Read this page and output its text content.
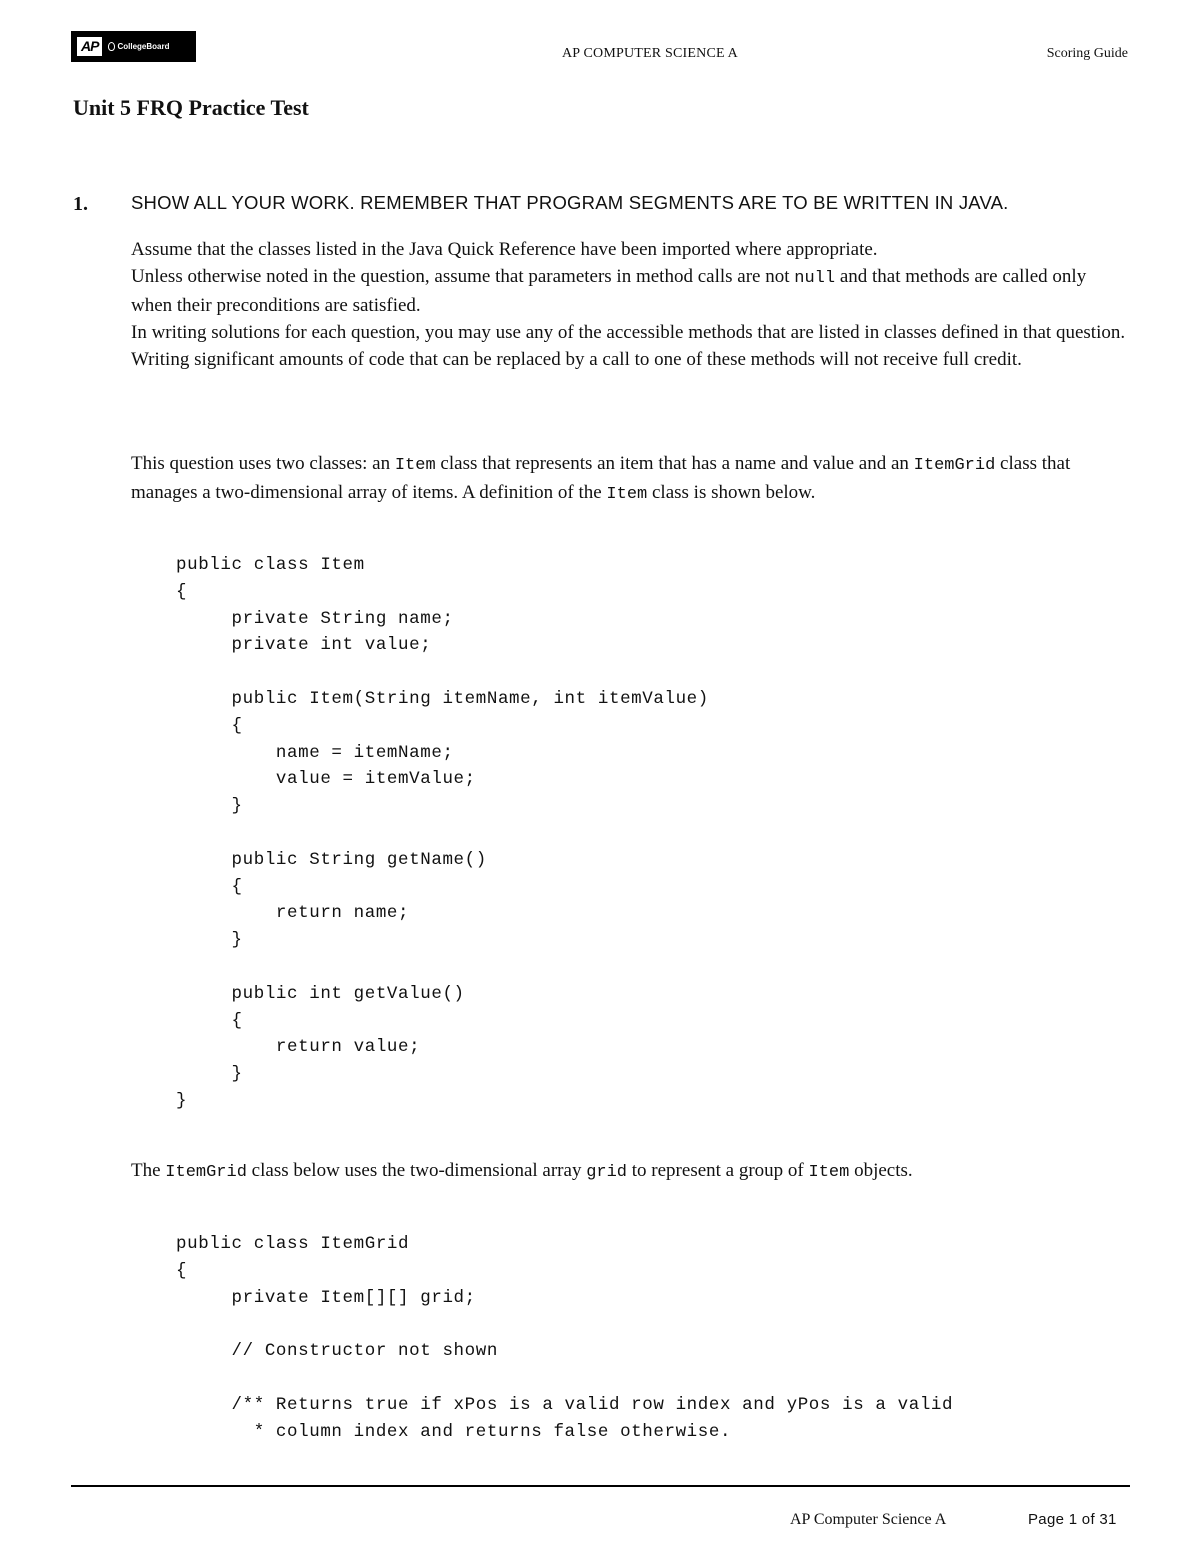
AP	CollegeBoard	AP COMPUTER SCIENCE A	Scoring Guide
Unit 5 FRQ Practice Test
1. SHOW ALL YOUR WORK. REMEMBER THAT PROGRAM SEGMENTS ARE TO BE WRITTEN IN JAVA.

Assume that the classes listed in the Java Quick Reference have been imported where appropriate.

Unless otherwise noted in the question, assume that parameters in method calls are not null and that methods are called only when their preconditions are satisfied.

In writing solutions for each question, you may use any of the accessible methods that are listed in classes defined in that question. Writing significant amounts of code that can be replaced by a call to one of these methods will not receive full credit.

This question uses two classes: an Item class that represents an item that has a name and value and an ItemGrid class that manages a two-dimensional array of items. A definition of the Item class is shown below.

public class Item
{
private String name;
private int value;

public Item(String itemName, int itemValue)
{
name = itemName;
value = itemValue;
}

public String getName()
{
return name;
}

public int getValue()
{
return value;
}
}

The ItemGrid class below uses the two-dimensional array grid to represent a group of Item objects.

public class ItemGrid
{
private Item[][] grid;

// Constructor not shown

/** Returns true if xPos is a valid row index and yPos is a valid
* column index and returns false otherwise.
AP Computer Science A	Page 1 of 31
